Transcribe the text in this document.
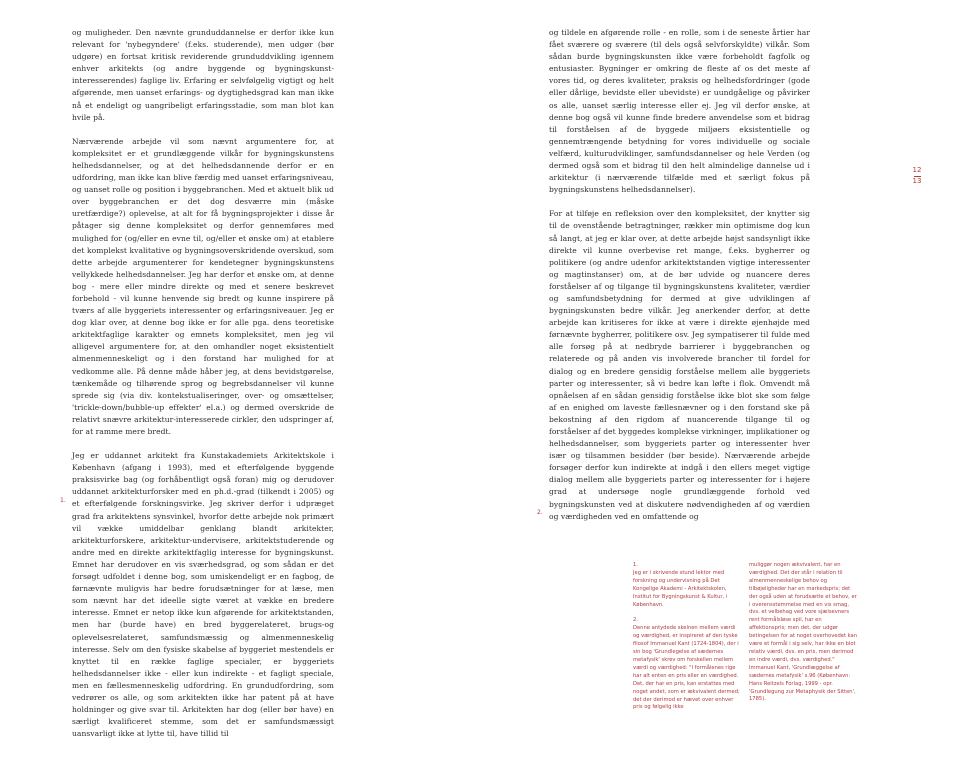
og muligheder. Den nævnte grunduddannelse er derfor ikke kun relevant for 'nybegyndere' (f.eks. studerende), men udgør (bør udgøre) en fortsat kritisk reviderende grunduddvikling igennem enhver arkitekts (og andre byggende og bygningskunst-interesserendes) faglige liv. Erfaring er selvfølgelig vigtigt og helt afgørende, men uanset erfarings- og dygtighedsgrad kan man ikke nå et endeligt og uangribeligt erfaringsstadie, som man blot kan hvile på.

Nærværende arbejde vil som nævnt argumentere for, at kompleksitet er et grundlæggende vilkår for bygningskunstens helhedsdannelser, og at det helhedsdannende derfor er en udfordring, man ikke kan blive færdig med uanset erfaringsniveau, og uanset rolle og position i byggebranchen. Med et aktuelt blik ud over byggebranchen er det dog desværre min (måske uretfærdige?) oplevelse, at alt for få bygningsprojekter i disse år påtager sig denne kompleksitet og derfor gennemføres med mulighed for (og/eller en evne til, og/eller et ønske om) at etablere det komplekst kvalitative og bygningsoverskridende overskud, som dette arbejde argumenterer for kendetegner bygningskunstens vellykkede helhedsdannelser. Jeg har derfor et ønske om, at denne bog - mere eller mindre direkte og med et senere beskrevet forbehold - vil kunne henvende sig bredt og kunne inspirere på tværs af alle byggeriets interessenter og erfaringsniveauer. Jeg er dog klar over, at denne bog ikke er for alle pga. dens teoretiske arkitektfaglige karakter og emnets kompleksitet, men jeg vil alligevel argumentere for, at den omhandler noget eksistentielt almenmenneskeligt og i den forstand har mulighed for at vedkomme alle. På denne måde håber jeg, at dens bevidstgørelse, tænkemåde og tilhørende sprog og begrebsdannelser vil kunne sprede sig (via div. kontekstualiseringer, over- og omsættelser, 'trickle-down/bubble-up effekter' el.a.) og dermed overskride de relativt snævre arkitektur-interesserede cirkler, den udspringer af, for at ramme mere bredt.

Jeg er uddannet arkitekt fra Kunstakademiets Arkitektskole i København (afgang i 1993), med et efterfølgende byggende praksisvirke bag (og forhåbentligt også foran) mig og derudover uddannet arkitekturforsker med en ph.d.-grad (tilkendt i 2005) og et efterfølgende forskningsvirke. Jeg skriver derfor i udpræget grad fra arkitektens synsvinkel, hvorfor dette arbejde nok primært vil vække umiddelbar genklang blandt arkitekter, arkitekturforskere, arkitektur-undervisere, arkitektstuderende og andre med en direkte arkitektfaglig interesse for bygningskunst. Emnet har derudover en vis sværhedsgrad, og som sådan er det forsøgt udfoldet i denne bog, som umiskendeligt er en fagbog, de førnævnte muligvis har bedre forudsætninger for at læse, men som nævnt har det ideelle sigte været at vække en bredere interesse. Emnet er netop ikke kun afgørende for arkitektstanden, men har (burde have) en bred byggerelateret, brugs-og oplevelsesrelateret, samfundsmæssig og almenmenneskelig interesse. Selv om den fysiske skabelse af byggeriet mestendels er knyttet til en række faglige specialer, er byggeriets helhedsdannelser ikke - eller kun indirekte - et fagligt speciale, men en fællesmenneskelig udfordring. En grundudfordring, som vedrører os alle, og som arkitekten ikke har patent på at have holdninger og give svar til. Arkitekten har dog (eller bør have) en særligt kvalificeret stemme, som det er samfundsmæssigt uansvarligt ikke at lytte til, have tillid til

1.

og tildele en afgørende rolle - en rolle, som i de seneste årtier har fået sværere og sværere (til dels også selvforskyldte) vilkår. Som sådan burde bygningskunsten ikke være forbeholdt fagfolk og entusiaster. Bygninger er omkring de fleste af os det meste af vores tid, og deres kvaliteter, praksis og helhedsfordringer (gode eller dårlige, bevidste eller ubevidste) er uundgåelige og påvirker os alle, uanset særlig interesse eller ej. Jeg vil derfor ønske, at denne bog også vil kunne finde bredere anvendelse som et bidrag til forståelsen af de byggede miljøers eksistentielle og gennemtrængende betydning for vores individuelle og sociale velfærd, kulturudviklinger, samfundsdannelser og hele Verden (og dermed også som et bidrag til den helt almindelige dannelse ud i arkitektur (i nærværende tilfælde med et særligt fokus på bygningskunstens helhedsdannelser).

For at tilføje en refleksion over den kompleksitet, der knytter sig til de ovenstående betragtninger, rækker min optimisme dog kun så langt, at jeg er klar over, at dette arbejde højst sandsynligt ikke direkte vil kunne overbevise ret mange, f.eks. bygherrer og politikere (og andre udenfor arkitektstanden vigtige interessenter og magtinstanser) om, at de bør udvide og nuancere deres forståelser af og tilgange til bygningskunstens kvaliteter, værdier og samfundsbetydning for dermed at give udviklingen af bygningskunsten bedre vilkår. Jeg anerkender derfor, at dette arbejde kan kritiseres for ikke at være i direkte øjenhøjde med førnævnte bygherrer, politikere osv. Jeg sympatiserer til fulde med alle forsøg på at nedbryde barrierer i byggebranchen og relaterede og på anden vis involverede brancher til fordel for dialog og en bredere gensidig forståelse mellem alle byggeriets parter og interessenter, så vi bedre kan løfte i flok. Omvendt må opnåelsen af en sådan gensidig forståelse ikke blot ske som følge af en enighed om laveste fællesnævner og i den forstand ske på bekostning af den rigdom af nuancerende tilgange til og forståelser af det byggedes komplekse virkninger, implikationer og helhedsdannelser, som byggeriets parter og interessenter hver især og tilsammen besidder (bør beside). Nærværende arbejde forsøger derfor kun indirekte at indgå i den ellers meget vigtige dialog mellem alle byggeriets parter og interessenter for i højere grad at undersøge nogle grundlæggende forhold ved bygningskunsten ved at diskutere nødvendigheden af og værdien og værdigheden ved en omfattende og

2.
12
13
1.
Jeg er i skrivende stund lektor med forskning og undervisning på Det Kongelige Akademi - Arkitektskolen, Institut for Bygningskunst & Kultur, i København.
2.
Denne antydede skelnen mellem værdi og værdighed, er inspireret af den tyske filosof Immanuel Kant (1724-1804), der i sin bog 'Grundlegelse af sædernes metafysik' skrev om forskellen mellem værdi og værdighed: "I formålenes rige har alt enten en pris eller en værdighed. Det, der har en pris, kan erstattes med noget andet, som er ækvivalent dermed; det der derimod er hævet over enhver pris og følgelig ikke
muliggør nogen ækvivalent, har en værdighed. Det der står i relation til almenmenneskelige behov og tilbøjeligheder har en markedspris; det der også uden at forudsætte et behov, er i overensstemmelse med en vis smag, dvs. et velbehag ved vore sjælsevners rent formålsløse spil, har en affektionspris; men det, der udgør betingelsen for at noget overhovedet kan være et formål i sig selv, har ikke en blot relativ værdi, dvs. en pris, men derimod en indre værdi, dvs. værdighed." Immanuel Kant, 'Grundlæggelse af sædernes metafysik' s.96 (København: Hans Reitzels Forlag, 1999 - opr. 'Grundlegung zur Metaphysik der Sitten', 1785).
